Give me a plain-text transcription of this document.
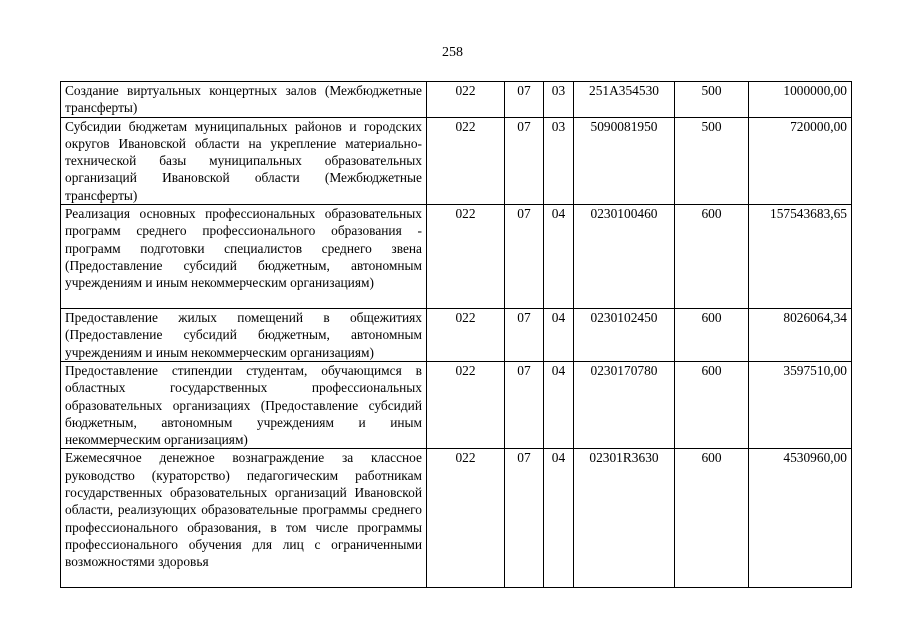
258
Создание виртуальных концертных залов (Межбюджетные трансферты)	022	07	03	251A354530	500	1000000,00
Субсидии бюджетам муниципальных районов и городских округов Ивановской области на укрепление материально-технической базы муниципальных образовательных организаций Ивановской области (Межбюджетные трансферты)	022	07	03	5090081950	500	720000,00
Реализация основных профессиональных образовательных программ среднего профессионального образования - программ подготовки специалистов среднего звена (Предоставление субсидий бюджетным, автономным учреждениям и иным некоммерческим организациям)	022	07	04	0230100460	600	157543683,65
Предоставление жилых помещений в общежитиях (Предоставление субсидий бюджетным, автономным учреждениям и иным некоммерческим организациям)	022	07	04	0230102450	600	8026064,34
Предоставление стипендии студентам, обучающимся в областных государственных профессиональных образовательных организациях (Предоставление субсидий бюджетным, автономным учреждениям и иным некоммерческим организациям)	022	07	04	0230170780	600	3597510,00
Ежемесячное денежное вознаграждение за классное руководство (кураторство) педагогическим работникам государственных образовательных организаций Ивановской области, реализующих образовательные программы среднего профессионального образования, в том числе программы профессионального обучения для лиц с ограниченными возможностями здоровья	022	07	04	02301R3630	600	4530960,00
